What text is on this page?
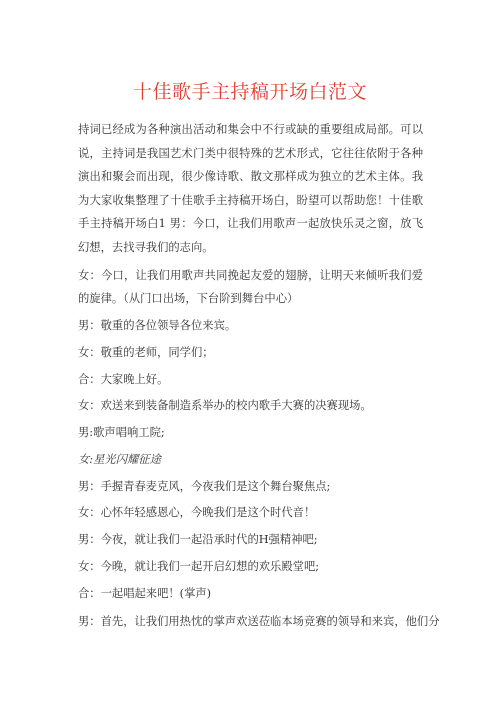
十佳歌手主持稿开场白范文

持词已经成为各种演出活动和集会中不行或缺的重要组成局部。可以说，主持词是我国艺术门类中很特殊的艺术形式，它往往依附于各种演出和聚会而出现，很少像诗歌、散文那样成为独立的艺术主体。我为大家收集整理了十佳歌手主持稿开场白，盼望可以帮助您！十佳歌手主持稿开场白1 男：今口，让我们用歌声一起放快乐灵之窗，放飞幻想，去找寻我们的志向。

女：今口，让我们用歌声共同挽起友爱的翅膀，让明天来倾听我们爱的旋律。（从门口出场，下台阶到舞台中心）

男：敬重的各位领导各位来宾。

女：敬重的老师，同学们；

合：大家晚上好。

女：欢送来到装备制造系举办的校内歌手大赛的决赛现场。

男:歌声唱响工院;

女:星光闪耀征途

男：手握青春麦克风，今夜我们是这个舞台聚焦点;

女：心怀年轻感恩心，今晚我们是这个时代音！

男：今夜，就让我们一起沿承时代的H强精神吧;

女：今晚，就让我们一起开启幻想的欢乐殿堂吧;

合：一起唱起来吧！(掌声)

男：首先，让我们用热忱的掌声欢送莅临本场竞赛的领导和来宾，他们分
